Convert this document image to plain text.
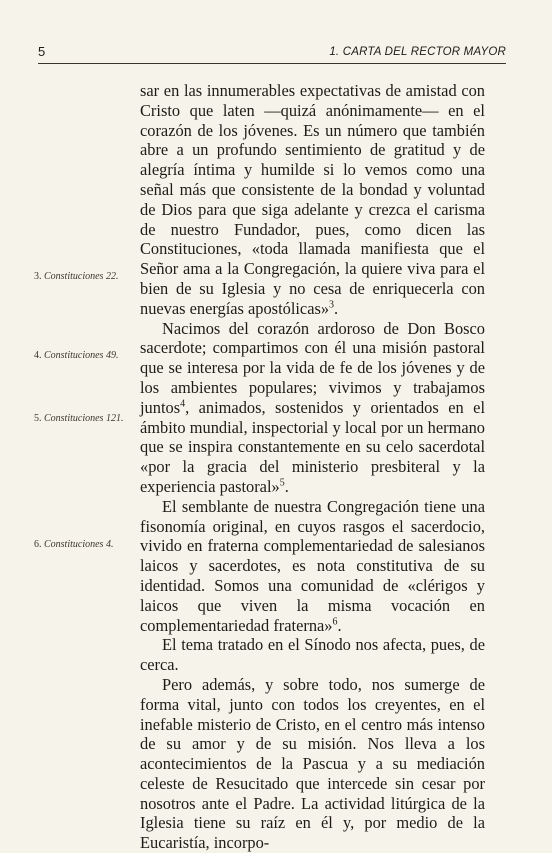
5	1. CARTA DEL RECTOR MAYOR
3. Constituciones 22.
4. Constituciones 49.
5. Constituciones 121.
6. Constituciones 4.

sar en las innumerables expectativas de amistad con Cristo que laten —quizá anónimamente— en el corazón de los jóvenes. Es un número que también abre a un profundo sentimiento de gratitud y de alegría íntima y humilde si lo vemos como una señal más que consistente de la bondad y voluntad de Dios para que siga adelante y crezca el carisma de nuestro Fundador, pues, como dicen las Constituciones, «toda llamada manifiesta que el Señor ama a la Congregación, la quiere viva para el bien de su Iglesia y no cesa de enriquecerla con nuevas energías apostólicas»$^3$.

Nacimos del corazón ardoroso de Don Bosco sacerdote; compartimos con él una misión pastoral que se interesa por la vida de fe de los jóvenes y de los ambientes populares; vivimos y trabajamos juntos$^4$, animados, sostenidos y orientados en el ámbito mundial, inspectorial y local por un hermano que se inspira constantemente en su celo sacerdotal «por la gracia del ministerio presbiteral y la experiencia pastoral»$^5$.

El semblante de nuestra Congregación tiene una fisonomía original, en cuyos rasgos el sacerdocio, vivido en fraterna complementariedad de salesianos laicos y sacerdotes, es nota constitutiva de su identidad. Somos una comunidad de «clérigos y laicos que viven la misma vocación en complementariedad fraterna»$^6$.

El tema tratado en el Sínodo nos afecta, pues, de cerca.

Pero además, y sobre todo, nos sumerge de forma vital, junto con todos los creyentes, en el inefable misterio de Cristo, en el centro más intenso de su amor y de su misión. Nos lleva a los acontecimientos de la Pascua y a su mediación celeste de Resucitado que intercede sin cesar por nosotros ante el Padre. La actividad litúrgica de la Iglesia tiene su raíz en él y, por medio de la Eucaristía, incorpo-
